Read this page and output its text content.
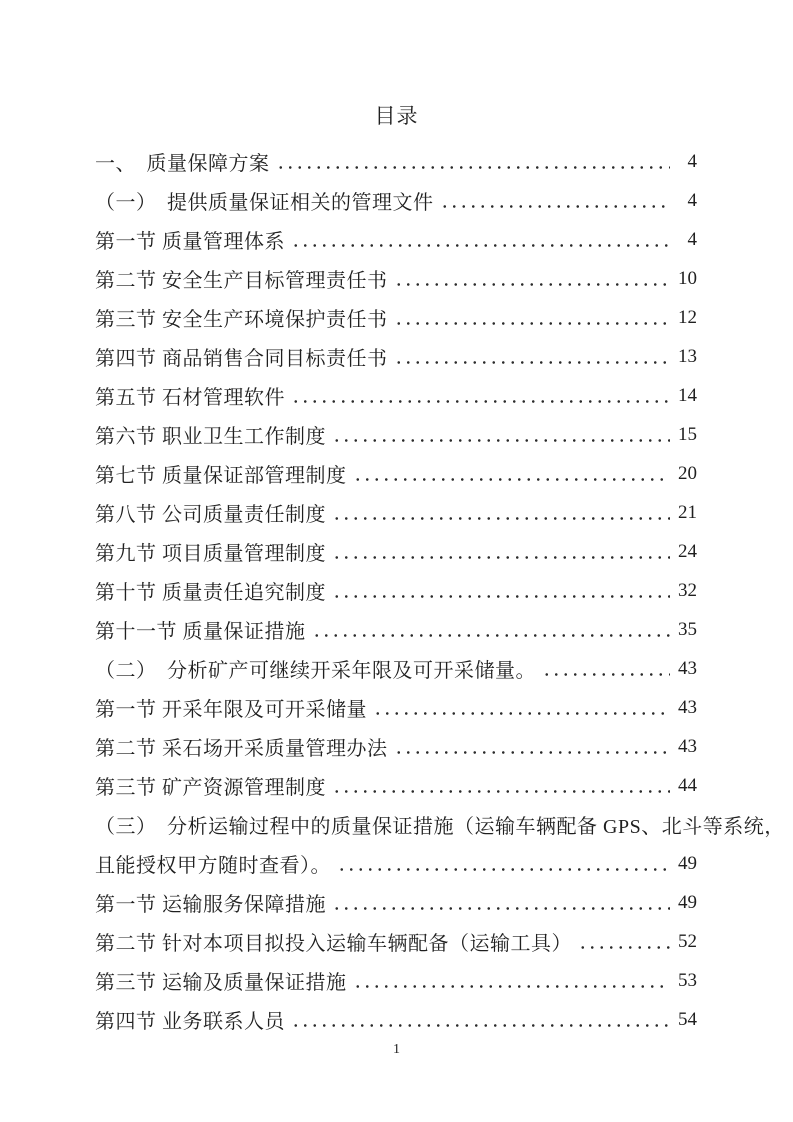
目录
一、　质量保障方案	4
（一）　提供质量保证相关的管理文件	4
第一节 质量管理体系	4
第二节 安全生产目标管理责任书	10
第三节 安全生产环境保护责任书	12
第四节 商品销售合同目标责任书	13
第五节 石材管理软件	14
第六节 职业卫生工作制度	15
第七节 质量保证部管理制度	20
第八节 公司质量责任制度	21
第九节 项目质量管理制度	24
第十节 质量责任追究制度	32
第十一节 质量保证措施	35
（二）　分析矿产可继续开采年限及可开采储量。	43
第一节 开采年限及可开采储量	43
第二节 采石场开采质量管理办法	43
第三节 矿产资源管理制度	44
（三）　分析运输过程中的质量保证措施（运输车辆配备 GPS、北斗等系统，
且能授权甲方随时查看）。	49
第一节 运输服务保障措施	49
第二节 针对本项目拟投入运输车辆配备（运输工具）	52
第三节 运输及质量保证措施	53
第四节 业务联系人员	54
1
